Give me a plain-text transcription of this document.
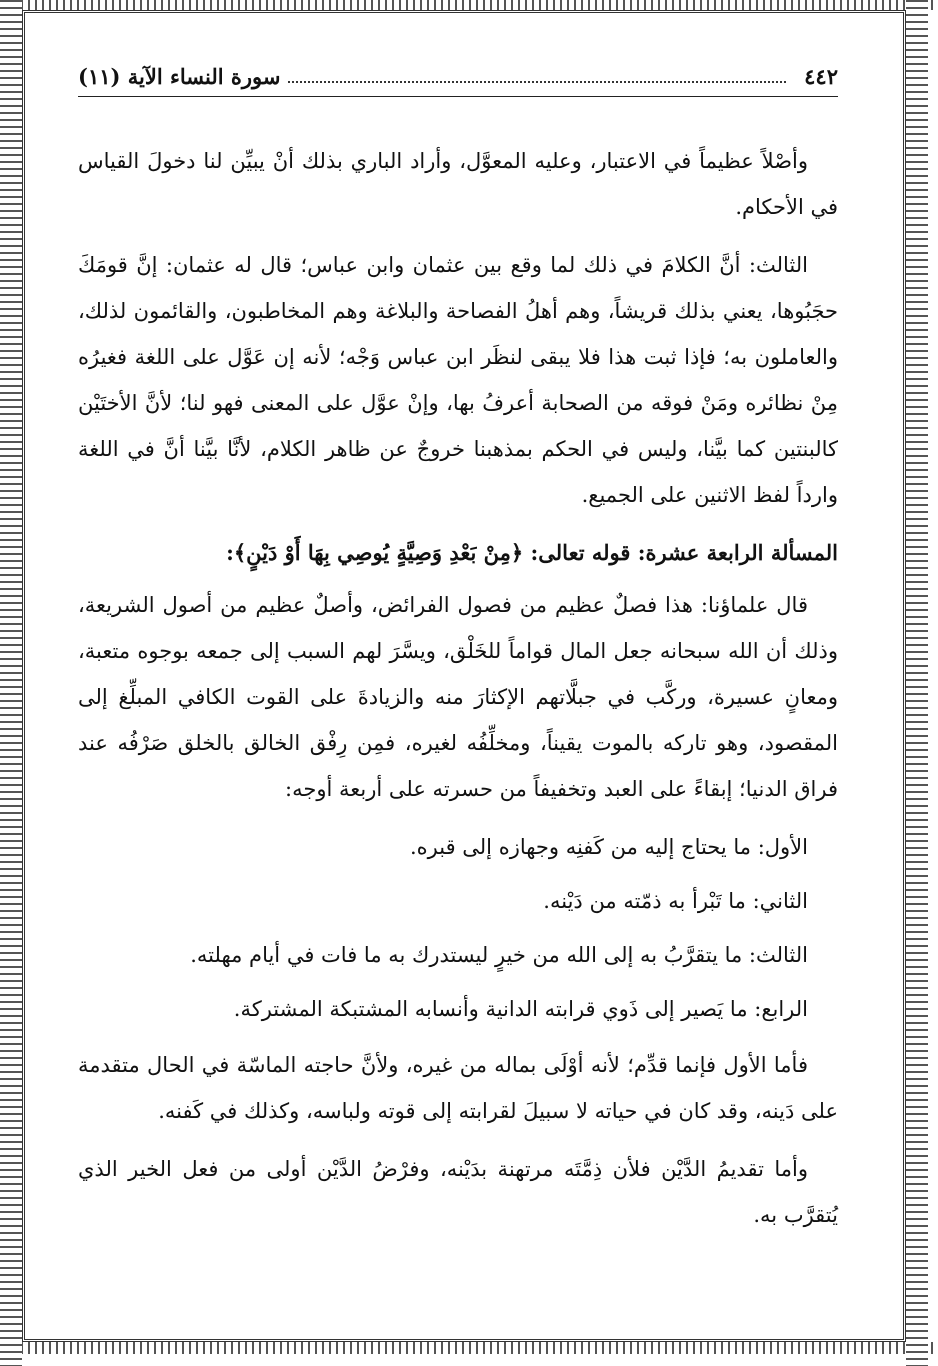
٤٤٢
سورة النساء الآية (١١)

وأصْلاً عظيماً في الاعتبار، وعليه المعوَّل، وأراد الباري بذلك أنْ يبيِّن لنا دخولَ القياس في الأحكام.

الثالث: أنَّ الكلامَ في ذلك لما وقع بين عثمان وابن عباس؛ قال له عثمان: إنَّ قومَكَ حجَبُوها، يعني بذلك قريشاً، وهم أهلُ الفصاحة والبلاغة وهم المخاطبون، والقائمون لذلك، والعاملون به؛ فإذا ثبت هذا فلا يبقى لنظَر ابن عباس وَجْه؛ لأنه إن عَوَّل على اللغة فغيرُه مِنْ نظائره ومَنْ فوقه من الصحابة أعرفُ بها، وإنْ عوَّل على المعنى فهو لنا؛ لأنَّ الأختَيْن كالبنتين كما بيَّنا، وليس في الحكم بمذهبنا خروجٌ عن ظاهر الكلام، لأنَّا بيَّنا أنَّ في اللغة وارداً لفظ الاثنين على الجميع.

المسألة الرابعة عشرة: قوله تعالى: ﴿مِنْ بَعْدِ وَصِيَّةٍ يُوصِي بِهَا أَوْ دَيْنٍ﴾:

قال علماؤنا: هذا فصلٌ عظيم من فصول الفرائض، وأصلٌ عظيم من أصول الشريعة، وذلك أن الله سبحانه جعل المال قواماً للخَلْق، ويسَّرَ لهم السبب إلى جمعه بوجوه متعبة، ومعانٍ عسيرة، وركَّب في جبلَّاتهم الإكثارَ منه والزيادةَ على القوت الكافي المبلِّغ إلى المقصود، وهو تاركه بالموت يقيناً، ومخلِّفُه لغيره، فمِن رِفْق الخالق بالخلق صَرْفُه عند فراق الدنيا؛ إبقاءً على العبد وتخفيفاً من حسرته على أربعة أوجه:

الأول: ما يحتاج إليه من كَفنِه وجهازه إلى قبره.

الثاني: ما تَبْرأ به ذمّته من دَيْنه.

الثالث: ما يتقرَّبُ به إلى الله من خيرٍ ليستدرك به ما فات في أيام مهلته.

الرابع: ما يَصير إلى ذَوي قرابته الدانية وأنسابه المشتبكة المشتركة.

فأما الأول فإنما قدِّم؛ لأنه أوْلَى بماله من غيره، ولأنَّ حاجته الماسّة في الحال متقدمة على دَينه، وقد كان في حياته لا سبيلَ لقرابته إلى قوته ولباسه، وكذلك في كَفنه.

وأما تقديمُ الدَّيْن فلأن ذِمَّتَه مرتهنة بدَيْنه، وفرْضُ الدَّيْن أولى من فعل الخير الذي يُتقرَّب به.
